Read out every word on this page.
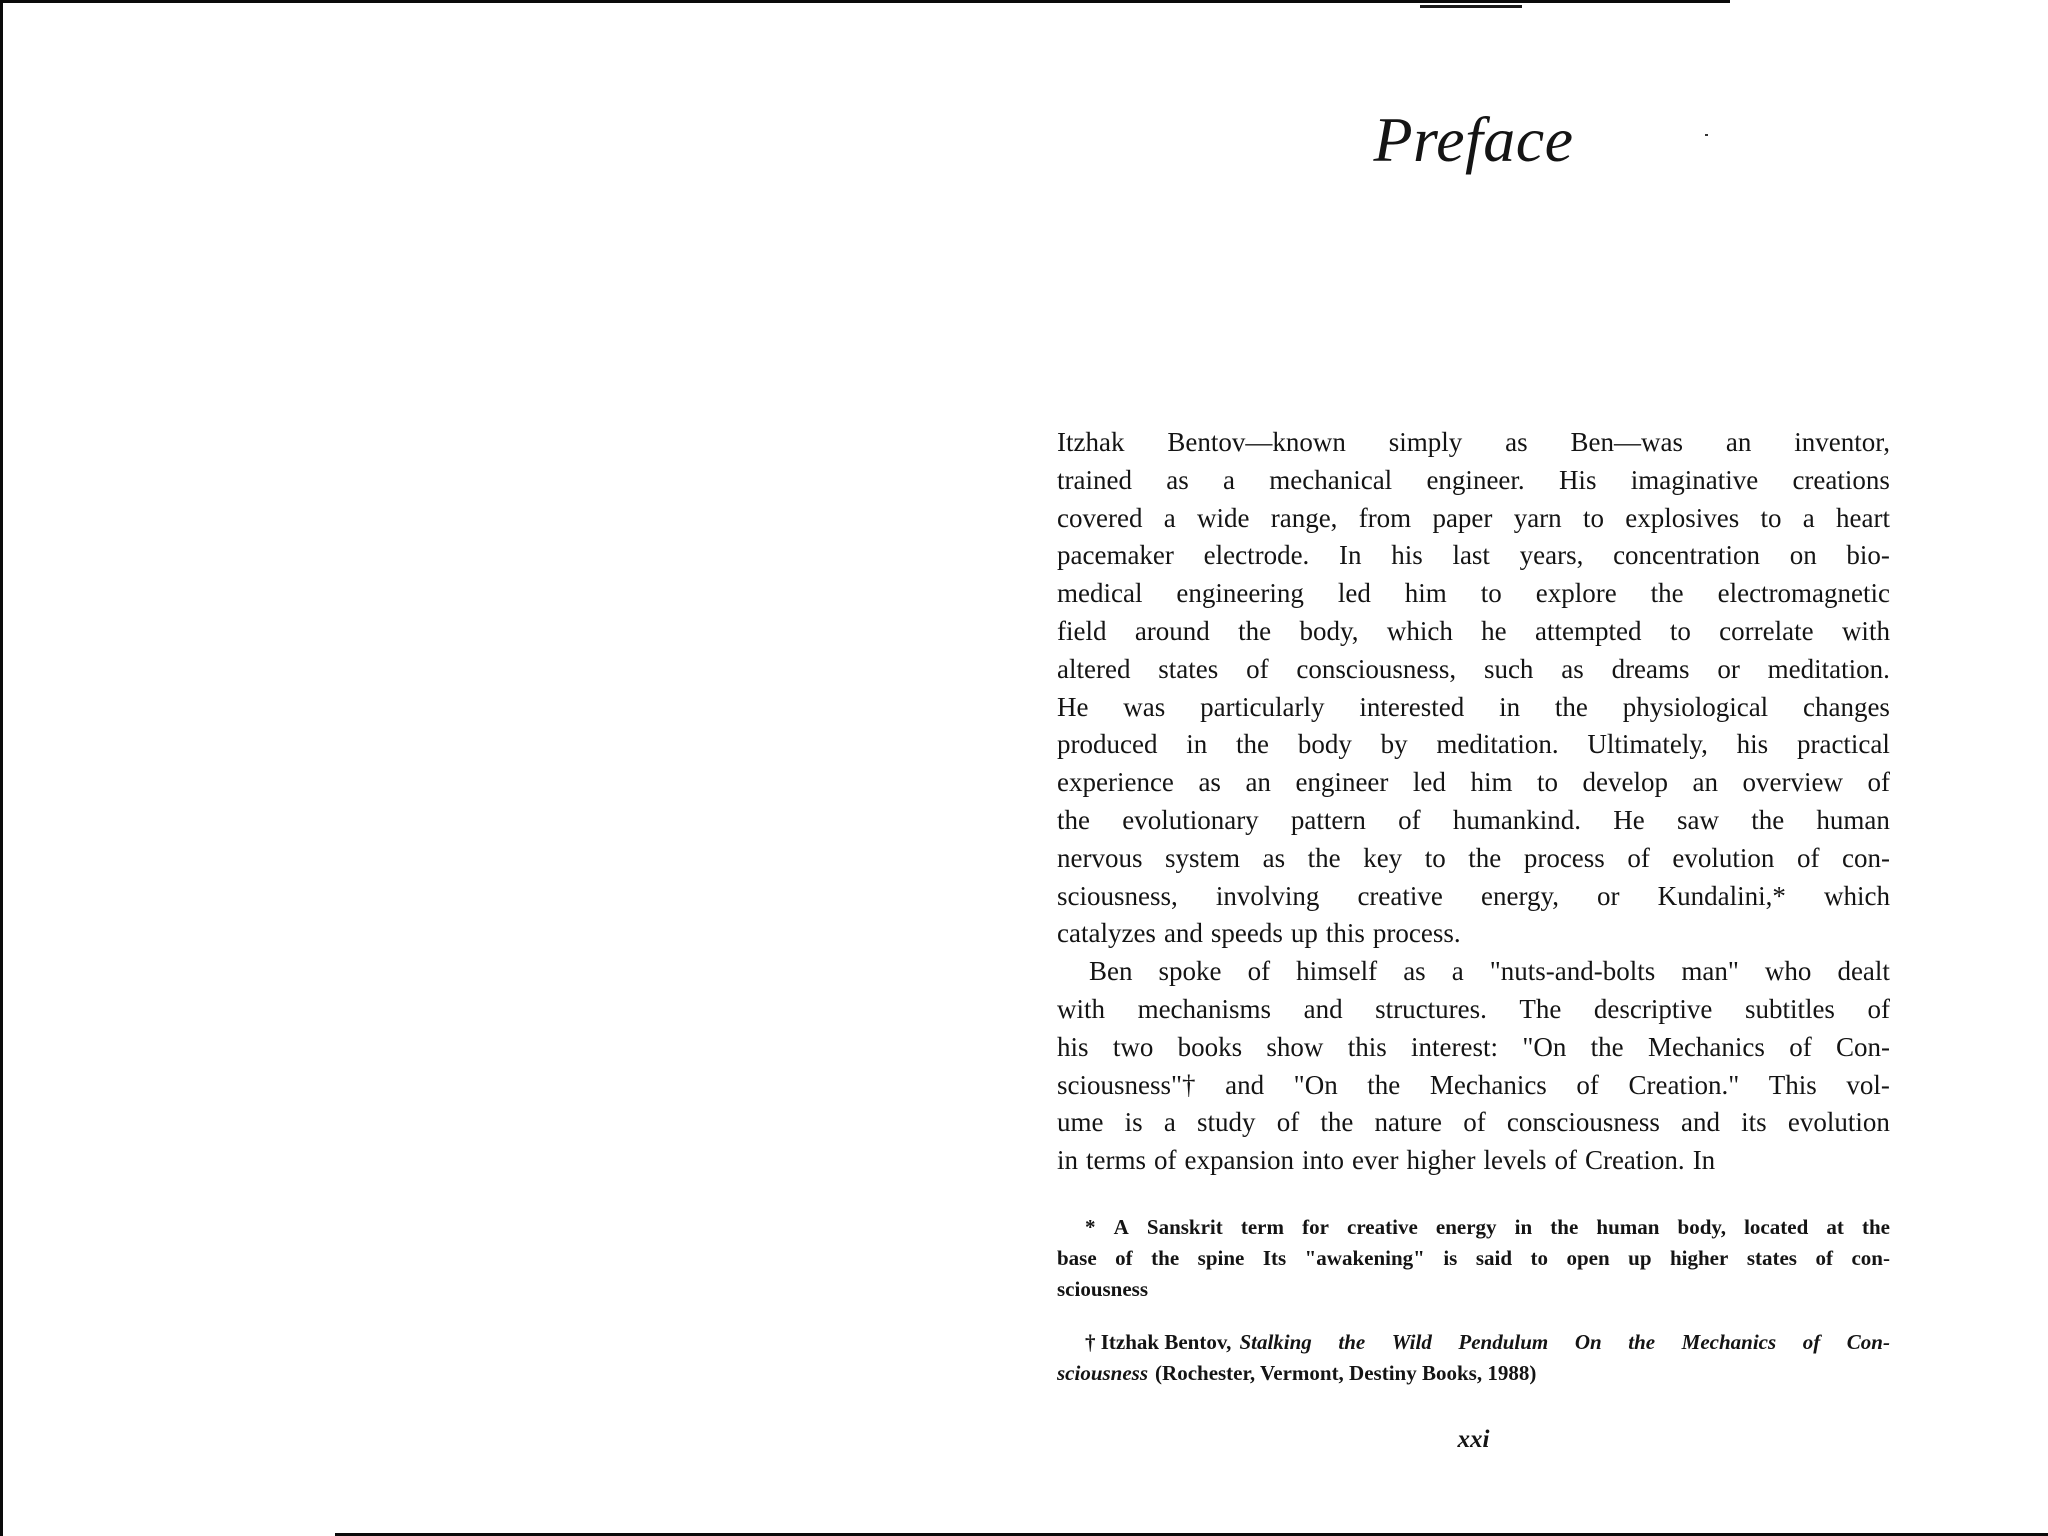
Preface
Itzhak Bentov—known simply as Ben—was an inventor,
trained as a mechanical engineer. His imaginative creations
covered a wide range, from paper yarn to explosives to a heart
pacemaker electrode. In his last years, concentration on bio-
medical engineering led him to explore the electromagnetic
field around the body, which he attempted to correlate with
altered states of consciousness, such as dreams or meditation.
He was particularly interested in the physiological changes
produced in the body by meditation. Ultimately, his practical
experience as an engineer led him to develop an overview of
the evolutionary pattern of humankind. He saw the human
nervous system as the key to the process of evolution of con-
sciousness, involving creative energy, or Kundalini,* which
catalyzes and speeds up this process.
Ben spoke of himself as a "nuts-and-bolts man" who dealt
with mechanisms and structures. The descriptive subtitles of
his two books show this interest: "On the Mechanics of Con-
sciousness"† and "On the Mechanics of Creation." This vol-
ume is a study of the nature of consciousness and its evolution
in terms of expansion into ever higher levels of Creation. In
* A Sanskrit term for creative energy in the human body, located at the
base of the spine Its "awakening" is said to open up higher states of con-
sciousness
† Itzhak Bentov, Stalking the Wild Pendulum On the Mechanics of Con-
sciousness (Rochester, Vermont, Destiny Books, 1988)
xxi
